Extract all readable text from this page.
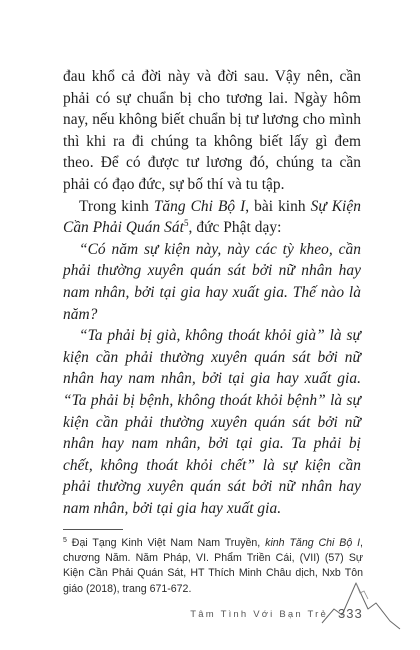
đau khổ cả đời này và đời sau. Vậy nên, cần phải có sự chuẩn bị cho tương lai. Ngày hôm nay, nếu không biết chuẩn bị tư lương cho mình thì khi ra đi chúng ta không biết lấy gì đem theo. Để có được tư lương đó, chúng ta cần phải có đạo đức, sự bố thí và tu tập.

Trong kinh Tăng Chi Bộ I, bài kinh Sự Kiện Cần Phải Quán Sát$^5$, đức Phật dạy:

“Có năm sự kiện này, này các tỳ kheo, cần phải thường xuyên quán sát bởi nữ nhân hay nam nhân, bởi tại gia hay xuất gia. Thế nào là năm?

“Ta phải bị già, không thoát khỏi già” là sự kiện cần phải thường xuyên quán sát bởi nữ nhân hay nam nhân, bởi tại gia hay xuất gia. “Ta phải bị bệnh, không thoát khỏi bệnh” là sự kiện cần phải thường xuyên quán sát bởi nữ nhân hay nam nhân, bởi tại gia. Ta phải bị chết, không thoát khỏi chết” là sự kiện cần phải thường xuyên quán sát bởi nữ nhân hay nam nhân, bởi tại gia hay xuất gia.

$^5$ Đại Tạng Kinh Việt Nam Nam Truyền, kinh Tăng Chi Bộ I, chương Năm. Năm Pháp, VI. Phẩm Triền Cái, (VII) (57) Sự Kiện Cần Phải Quán Sát, HT Thích Minh Châu dịch, Nxb Tôn giáo (2018), trang 671-672.
Tâm Tình Với Bạn Trẻ 333
